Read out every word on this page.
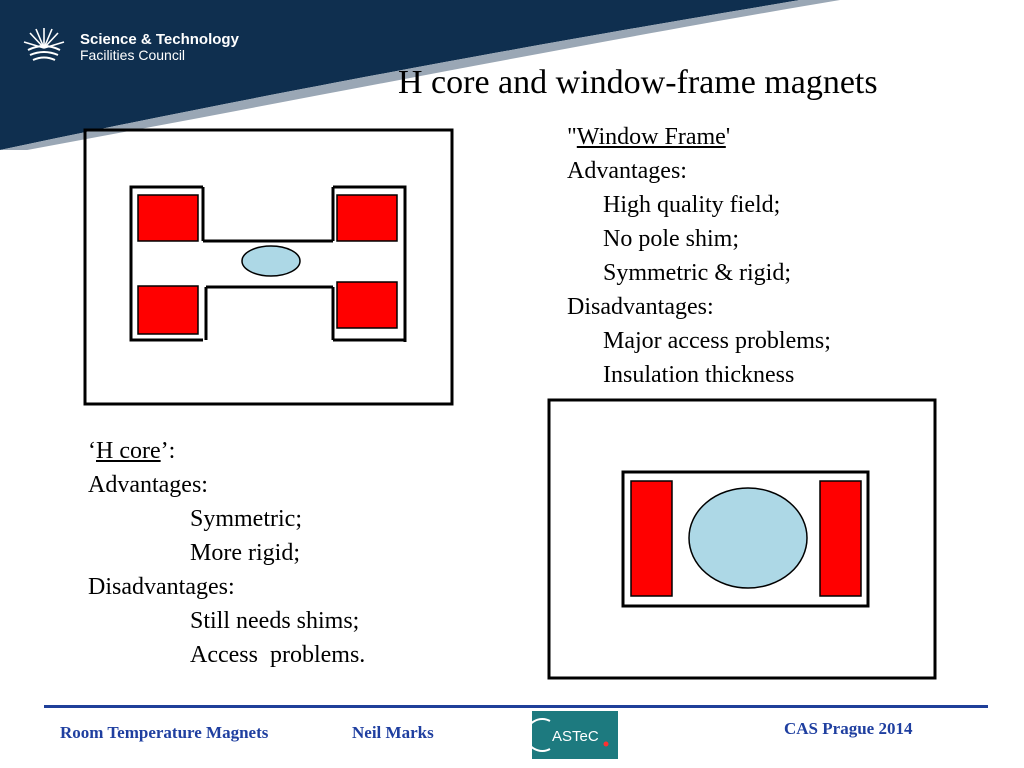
Science & Technology
Facilities Council
H core and window-frame magnets
"Window Frame'
Advantages:
High quality field;
No pole shim;
Symmetric & rigid;
Disadvantages:
Major access problems;
Insulation thickness
‘H core’:
Advantages:
Symmetric;
More rigid;
Disadvantages:
Still needs shims;
Access  problems.
Room Temperature Magnets	Neil Marks	ASTeC	CAS Prague 2014
